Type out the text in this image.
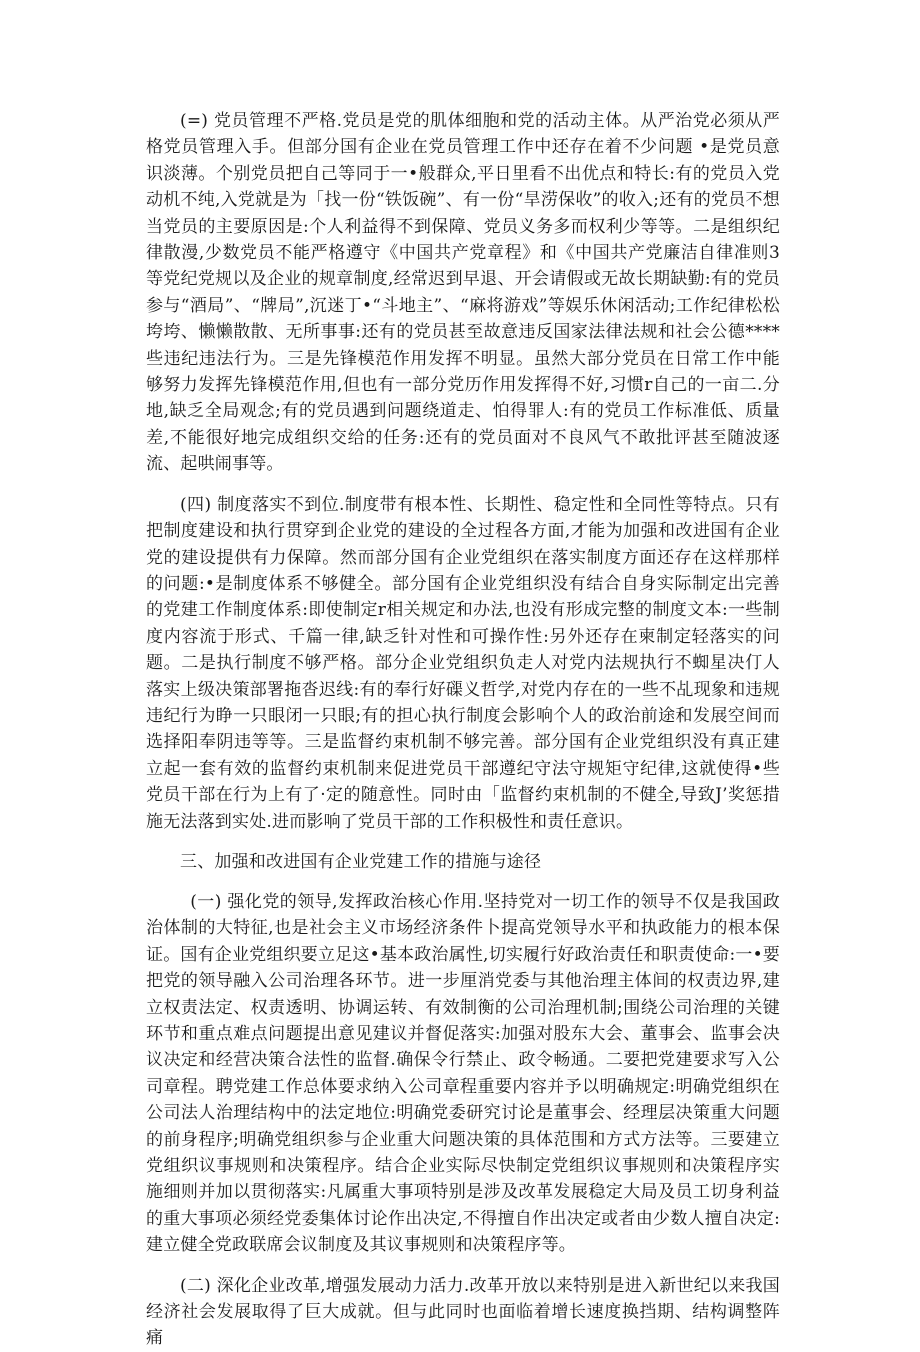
(=) 党员管理不严格.党员是党的肌体细胞和党的活动主体。从严治党必须从严格党员管理入手。但部分国有企业在党员管理工作中还存在着不少问题 •是党员意识淡薄。个别党员把自己等同于一•般群众,平日里看不出优点和特长:有的党员入党动机不纯,入党就是为「找一份“铁饭碗”、有一份“旱涝保收”的收入;还有的党员不想当党员的主要原因是:个人利益得不到保障、党员义务多而权利少等等。二是组织纪律散漫,少数党员不能严格遵守《中国共产党章程》和《中国共产党廉洁自律准则3等党纪党规以及企业的规章制度,经常迟到早退、开会请假或无故长期缺勤:有的党员参与“酒局”、“牌局”,沉迷丁•“斗地主”、“麻将游戏”等娱乐休闲活动;工作纪律松松垮垮、懒懒散散、无所事事:还有的党员甚至故意违反国家法律法规和社会公德****些违纪违法行为。三是先锋模范作用发挥不明显。虽然大部分党员在日常工作中能够努力发挥先锋模范作用,但也有一部分党历作用发挥得不好,习惯r自己的一亩二.分地,缺乏全局观念;有的党员遇到问题绕道走、怕得罪人:有的党员工作标准低、质量差,不能很好地完成组织交给的任务:还有的党员面对不良风气不敢批评甚至随波逐流、起哄闹事等。

(四) 制度落实不到位.制度带有根本性、长期性、稳定性和全同性等特点。只有把制度建设和执行贯穿到企业党的建设的全过程各方面,才能为加强和改进国有企业党的建设提供有力保障。然而部分国有企业党组织在落实制度方面还存在这样那样的问题:•是制度体系不够健全。部分国有企业党组织没有结合自身实际制定出完善的党建工作制度体系:即使制定r相关规定和办法,也没有形成完整的制度文本:一些制度内容流于形式、千篇一律,缺乏针对性和可操作性:另外还存在柬制定轻落实的问题。二是执行制度不够严格。部分企业党组织负走人对党内法规执行不蜘星决仃人落实上级决策部署拖沓迟线:有的奉行好磲义哲学,对党内存在的一些不乩现象和违规违纪行为睁一只眼闭一只眼;有的担心执行制度会影响个人的政治前途和发展空间而选择阳奉阴违等等。三是监督约束机制不够完善。部分国有企业党组织没有真正建立起一套有效的监督约束机制来促进党员干部遵纪守法守规矩守纪律,这就使得•些党员干部在行为上有了·定的随意性。同时由「监督约束机制的不健全,导致J’奖惩措施无法落到实处.进而影响了党员干部的工作积极性和责任意识。

三、加强和改进国有企业党建工作的措施与途径

(一) 强化党的领导,发挥政治核心作用.坚持党对一切工作的领导不仅是我国政治体制的大特征,也是社会主义市场经济条件卜提高党领导水平和执政能力的根本保证。国有企业党组织要立足这•基本政治属性,切实履行好政治责任和职责使命:一•要把党的领导融入公司治理各环节。进一步厘消党委与其他治理主体间的权责边界,建立权责法定、权责透明、协调运转、有效制衡的公司治理机制;围绕公司治理的关键环节和重点难点问题提出意见建议并督促落实:加强对股东大会、董事会、监事会决议决定和经营决策合法性的监督.确保令行禁止、政令畅通。二要把党建要求写入公司章程。聘党建工作总体要求纳入公司章程重要内容并予以明确规定:明确党组织在公司法人治理结构中的法定地位:明确党委研究讨论是董事会、经理层决策重大问题的前身程序;明确党组织参与企业重大问题决策的具体范围和方式方法等。三要建立党组织议事规则和决策程序。结合企业实际尽快制定党组织议事规则和决策程序实施细则并加以贯彻落实:凡属重大事项特别是涉及改革发展稳定大局及员工切身利益的重大事项必须经党委集体讨论作出决定,不得擅自作出决定或者由少数人擅自决定:建立健全党政联席会议制度及其议事规则和决策程序等。

(二) 深化企业改革,增强发展动力活力.改革开放以来特别是进入新世纪以来我国经济社会发展取得了巨大成就。但与此同时也面临着增长速度换挡期、结构调整阵痛
